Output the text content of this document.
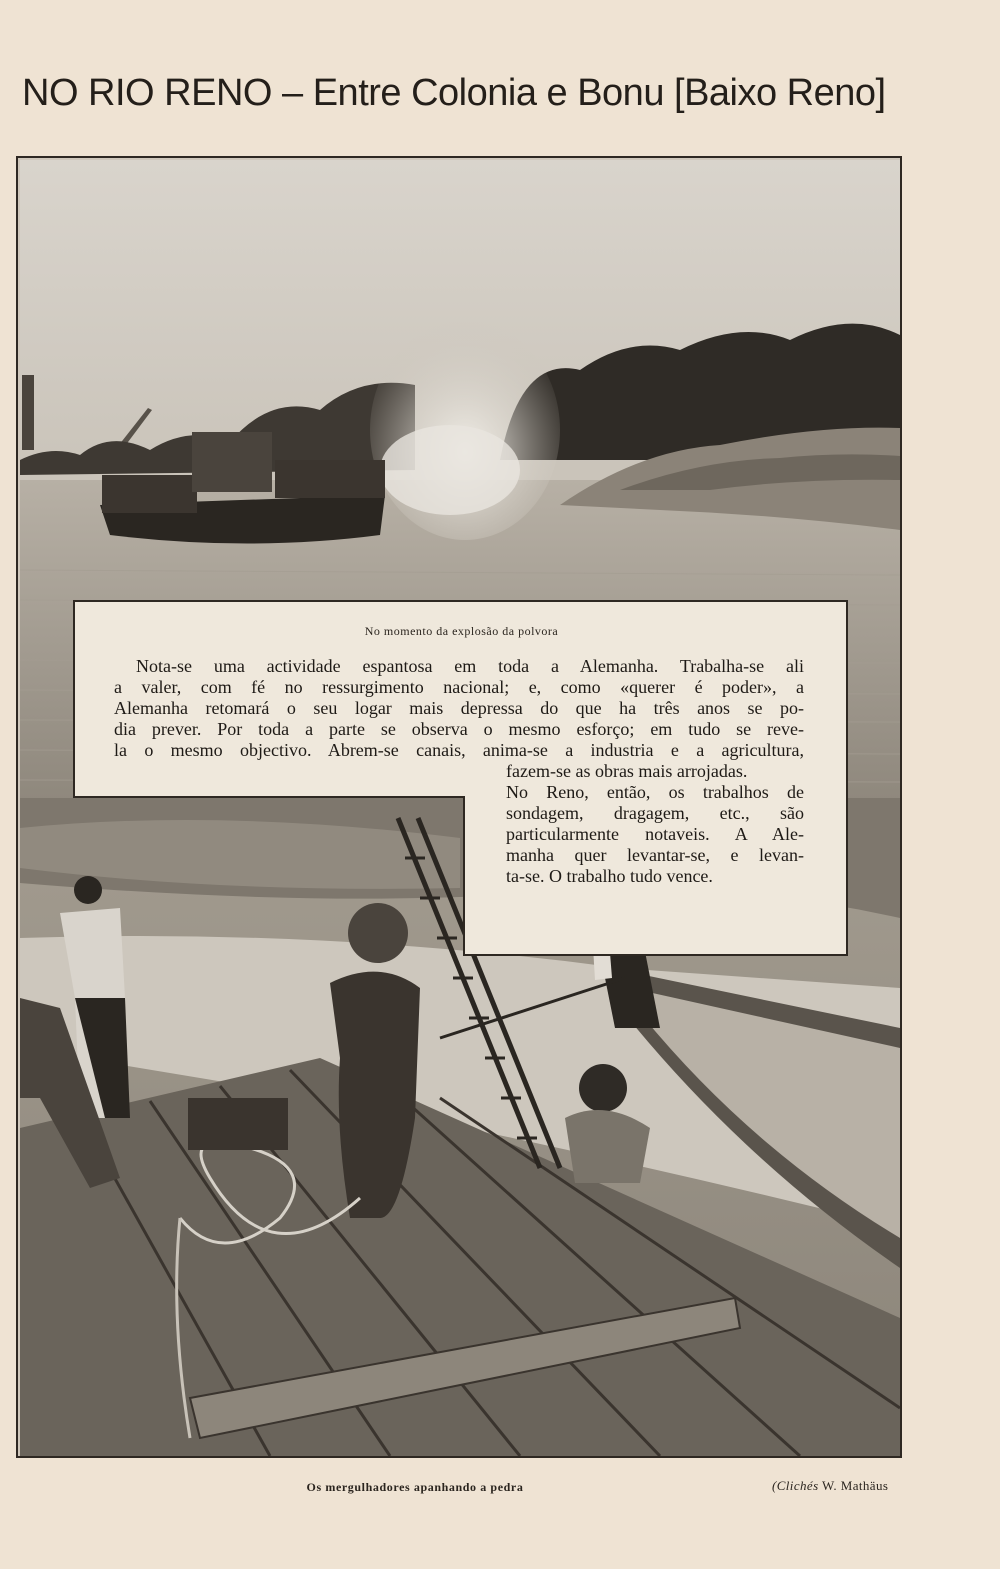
NO RIO RENO – Entre Colonia e Bonu [Baixo Reno]
No momento da explosão da polvora
Nota-se uma actividade espantosa em toda a Alemanha. Trabalha-se ali
a valer, com fé no ressurgimento nacional; e, como «querer é poder», a
Alemanha retomará o seu logar mais depressa do que ha três anos se po-
dia prever. Por toda a parte se observa o mesmo esforço; em tudo se reve-
la o mesmo objectivo. Abrem-se canais, anima-se a industria e a agricultura,
fazem-se as obras mais arrojadas.
No Reno, então, os trabalhos de
sondagem, dragagem, etc., são
particularmente notaveis. A Ale-
manha quer levantar-se, e levan-
ta-se. O trabalho tudo vence.
Os mergulhadores apanhando a pedra	(Clichés W. Mathäus
